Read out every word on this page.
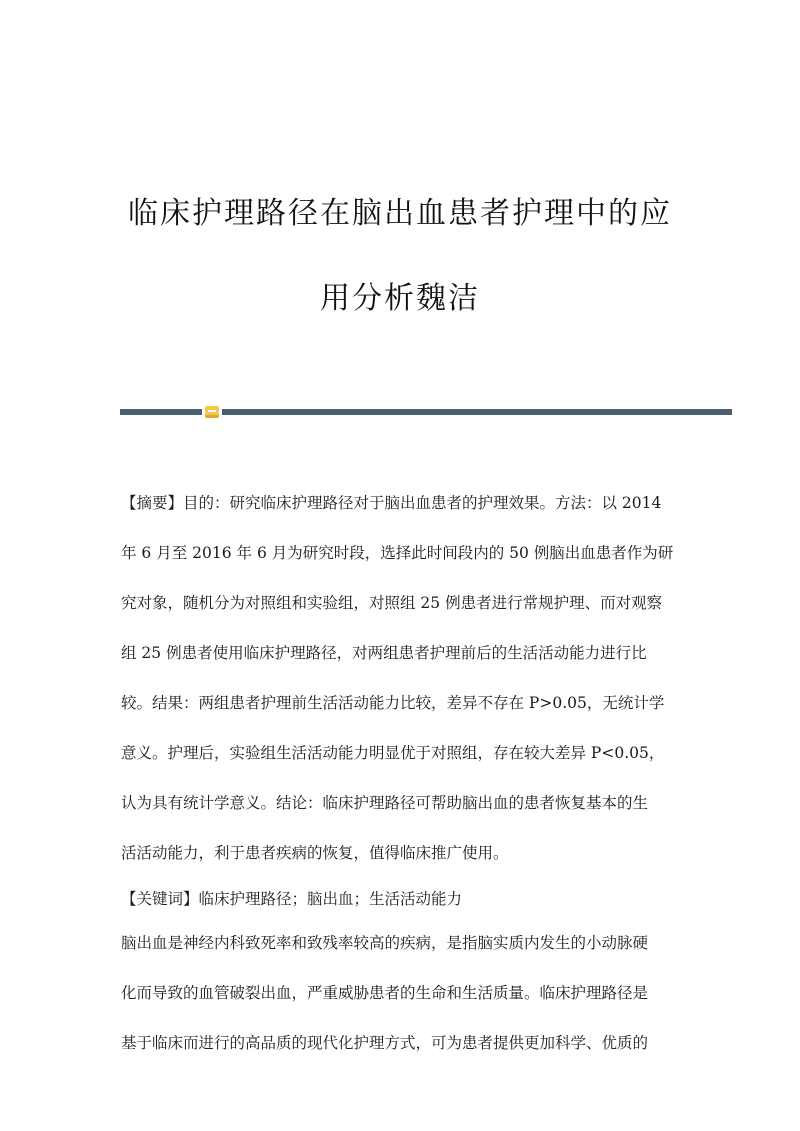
临床护理路径在脑出血患者护理中的应
用分析魏洁
【摘要】目的：研究临床护理路径对于脑出血患者的护理效果。方法：以 2014
年 6 月至 2016 年 6 月为研究时段，选择此时间段内的 50 例脑出血患者作为研
究对象，随机分为对照组和实验组，对照组 25 例患者进行常规护理、而对观察
组 25 例患者使用临床护理路径，对两组患者护理前后的生活活动能力进行比
较。结果：两组患者护理前生活活动能力比较，差异不存在 P>0.05，无统计学
意义。护理后，实验组生活活动能力明显优于对照组，存在较大差异 P<0.05，
认为具有统计学意义。结论：临床护理路径可帮助脑出血的患者恢复基本的生
活活动能力，利于患者疾病的恢复，值得临床推广使用。
【关键词】临床护理路径；脑出血；生活活动能力
脑出血是神经内科致死率和致残率较高的疾病，是指脑实质内发生的小动脉硬
化而导致的血管破裂出血，严重威胁患者的生命和生活质量。临床护理路径是
基于临床而进行的高品质的现代化护理方式，可为患者提供更加科学、优质的
